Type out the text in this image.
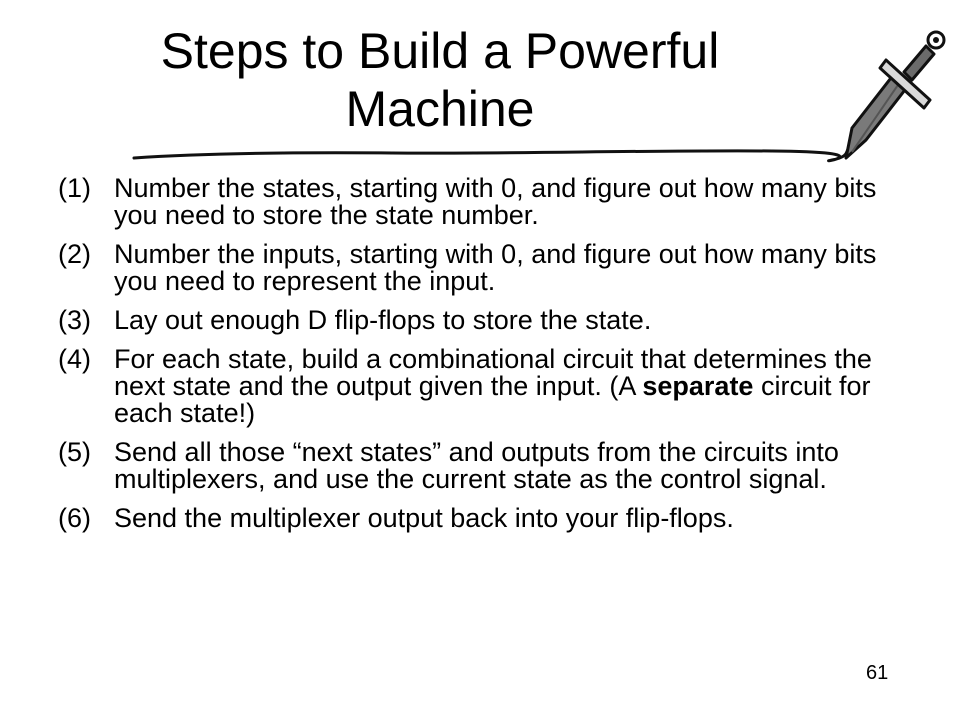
Steps to Build a Powerful
Machine
(1) Number the states, starting with 0, and figure out how many bits you need to store the state number.
(2) Number the inputs, starting with 0, and figure out how many bits you need to represent the input.
(3) Lay out enough D flip-flops to store the state.
(4) For each state, build a combinational circuit that determines the next state and the output given the input. (A separate circuit for each state!)
(5) Send all those “next states” and outputs from the circuits into multiplexers, and use the current state as the control signal.
(6) Send the multiplexer output back into your flip-flops.
61
